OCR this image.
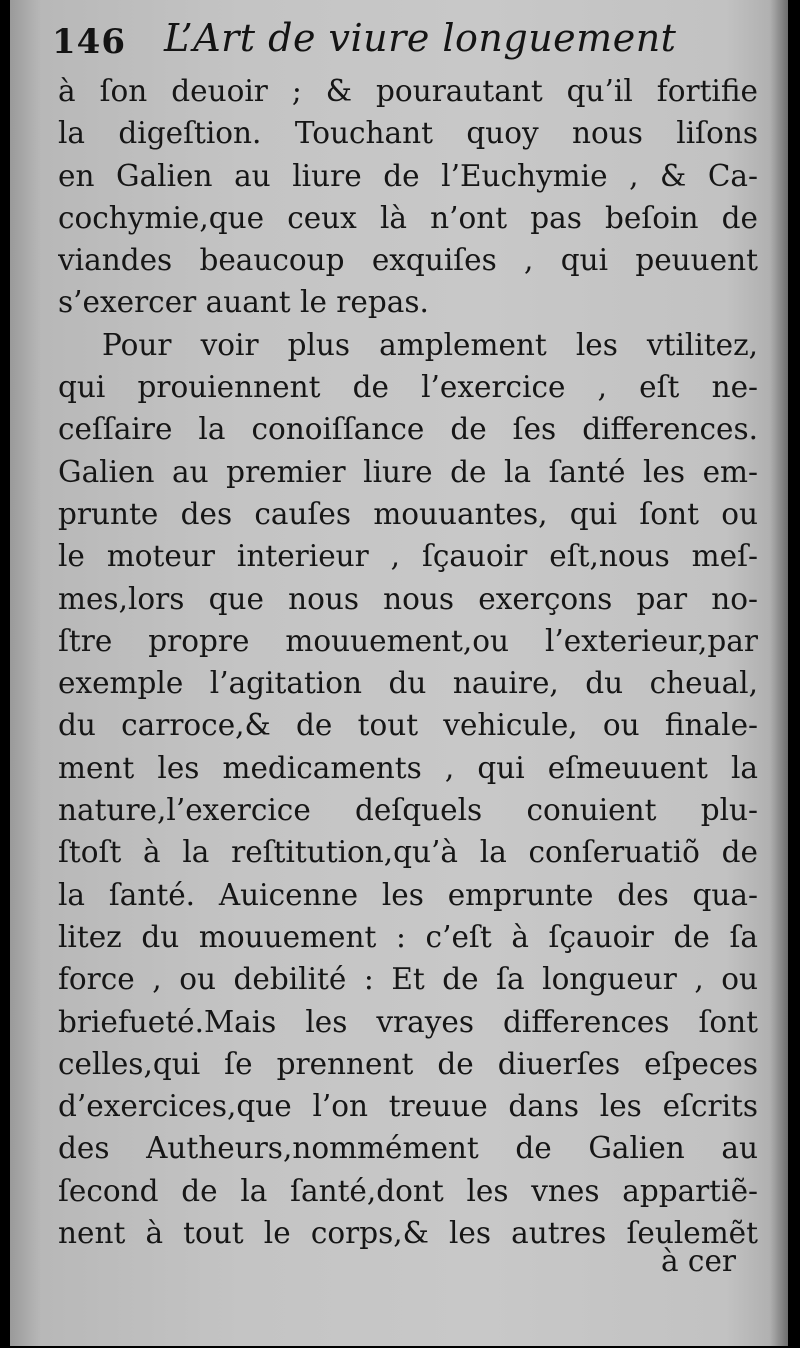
146 L’Art de viure longuement
à ſon deuoir ; & pourautant qu’il fortifie
la digeſtion. Touchant quoy nous liſons
en Galien au liure de l’Euchymie , & Ca-
cochymie,que ceux là n’ont pas beſoin de
viandes beaucoup exquiſes , qui peuuent
s’exercer auant le repas.
Pour voir plus amplement les vtilitez,
qui prouiennent de l’exercice , eſt ne-
ceſſaire la conoiſſance de ſes differences.
Galien au premier liure de la ſanté les em-
prunte des cauſes mouuantes, qui ſont ou
le moteur interieur , ſçauoir eſt,nous meſ-
mes,lors que nous nous exerçons par no-
ſtre propre mouuement,ou l’exterieur,par
exemple l’agitation du nauire, du cheual,
du carroce,& de tout vehicule, ou finale-
ment les medicaments , qui eſmeuuent la
nature,l’exercice deſquels conuient plu-
ſtoſt à la reſtitution,qu’à la conſeruatiõ de
la ſanté. Auicenne les emprunte des qua-
litez du mouuement : c’eſt à ſçauoir de ſa
force , ou debilité : Et de ſa longueur , ou
briefueté.Mais les vrayes differences ſont
celles,qui ſe prennent de diuerſes eſpeces
d’exercices,que l’on treuue dans les eſcrits
des Autheurs,nommément de Galien au
ſecond de la ſanté,dont les vnes appartiẽ-
nent à tout le corps,& les autres ſeulemẽt
à cer
